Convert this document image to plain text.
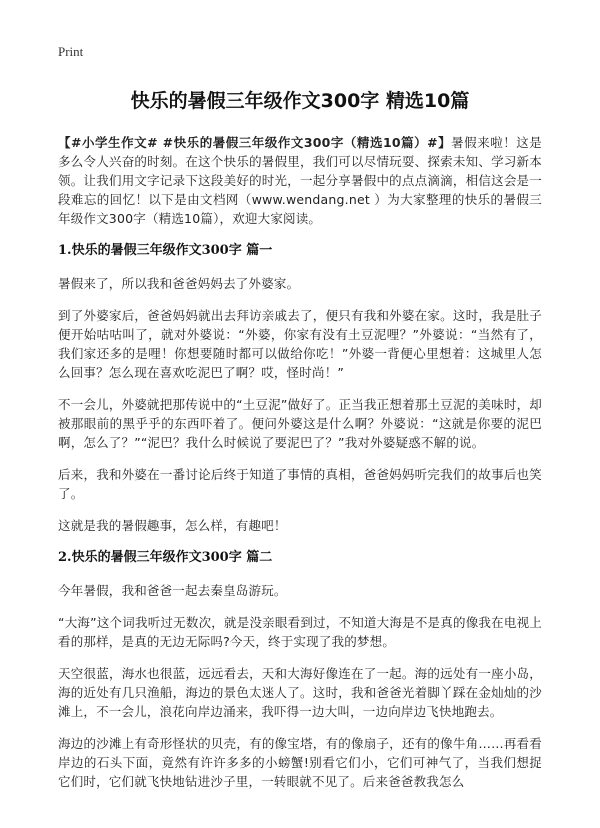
Print
快乐的暑假三年级作文300字 精选10篇

【#小学生作文# #快乐的暑假三年级作文300字（精选10篇）#】暑假来啦！这是多么令人兴奋的时刻。在这个快乐的暑假里，我们可以尽情玩耍、探索未知、学习新本领。让我们用文字记录下这段美好的时光，一起分享暑假中的点点滴滴，相信这会是一段难忘的回忆！以下是由文档网（www.wendang.net ）为大家整理的快乐的暑假三年级作文300字（精选10篇），欢迎大家阅读。

1.快乐的暑假三年级作文300字 篇一

暑假来了，所以我和爸爸妈妈去了外婆家。

到了外婆家后，爸爸妈妈就出去拜访亲戚去了，便只有我和外婆在家。这时，我是肚子便开始咕咕叫了，就对外婆说：“外婆，你家有没有土豆泥哩？”外婆说：“当然有了，我们家还多的是哩！你想要随时都可以做给你吃！”外婆一背便心里想着：这城里人怎么回事？怎么现在喜欢吃泥巴了啊？哎，怪时尚！”

不一会儿，外婆就把那传说中的“土豆泥”做好了。正当我正想着那土豆泥的美味时，却被那眼前的黑乎乎的东西吓着了。便问外婆这是什么啊？外婆说：“这就是你要的泥巴啊，怎么了？”“泥巴？我什么时候说了要泥巴了？”我对外婆疑惑不解的说。

后来，我和外婆在一番讨论后终于知道了事情的真相，爸爸妈妈听完我们的故事后也笑了。

这就是我的暑假趣事，怎么样，有趣吧！

2.快乐的暑假三年级作文300字 篇二

今年暑假，我和爸爸一起去秦皇岛游玩。

“大海”这个词我听过无数次，就是没亲眼看到过，不知道大海是不是真的像我在电视上看的那样，是真的无边无际吗?今天，终于实现了我的梦想。

天空很蓝，海水也很蓝，远远看去，天和大海好像连在了一起。海的远处有一座小岛，海的近处有几只渔船，海边的景色太迷人了。这时，我和爸爸光着脚丫踩在金灿灿的沙滩上，不一会儿，浪花向岸边涌来，我吓得一边大叫，一边向岸边飞快地跑去。

海边的沙滩上有奇形怪状的贝壳，有的像宝塔，有的像扇子，还有的像牛角……再看看岸边的石头下面，竟然有许许多多的小螃蟹!别看它们小，它们可神气了，当我们想捉它们时，它们就飞快地钻进沙子里，一转眼就不见了。后来爸爸教我怎么
